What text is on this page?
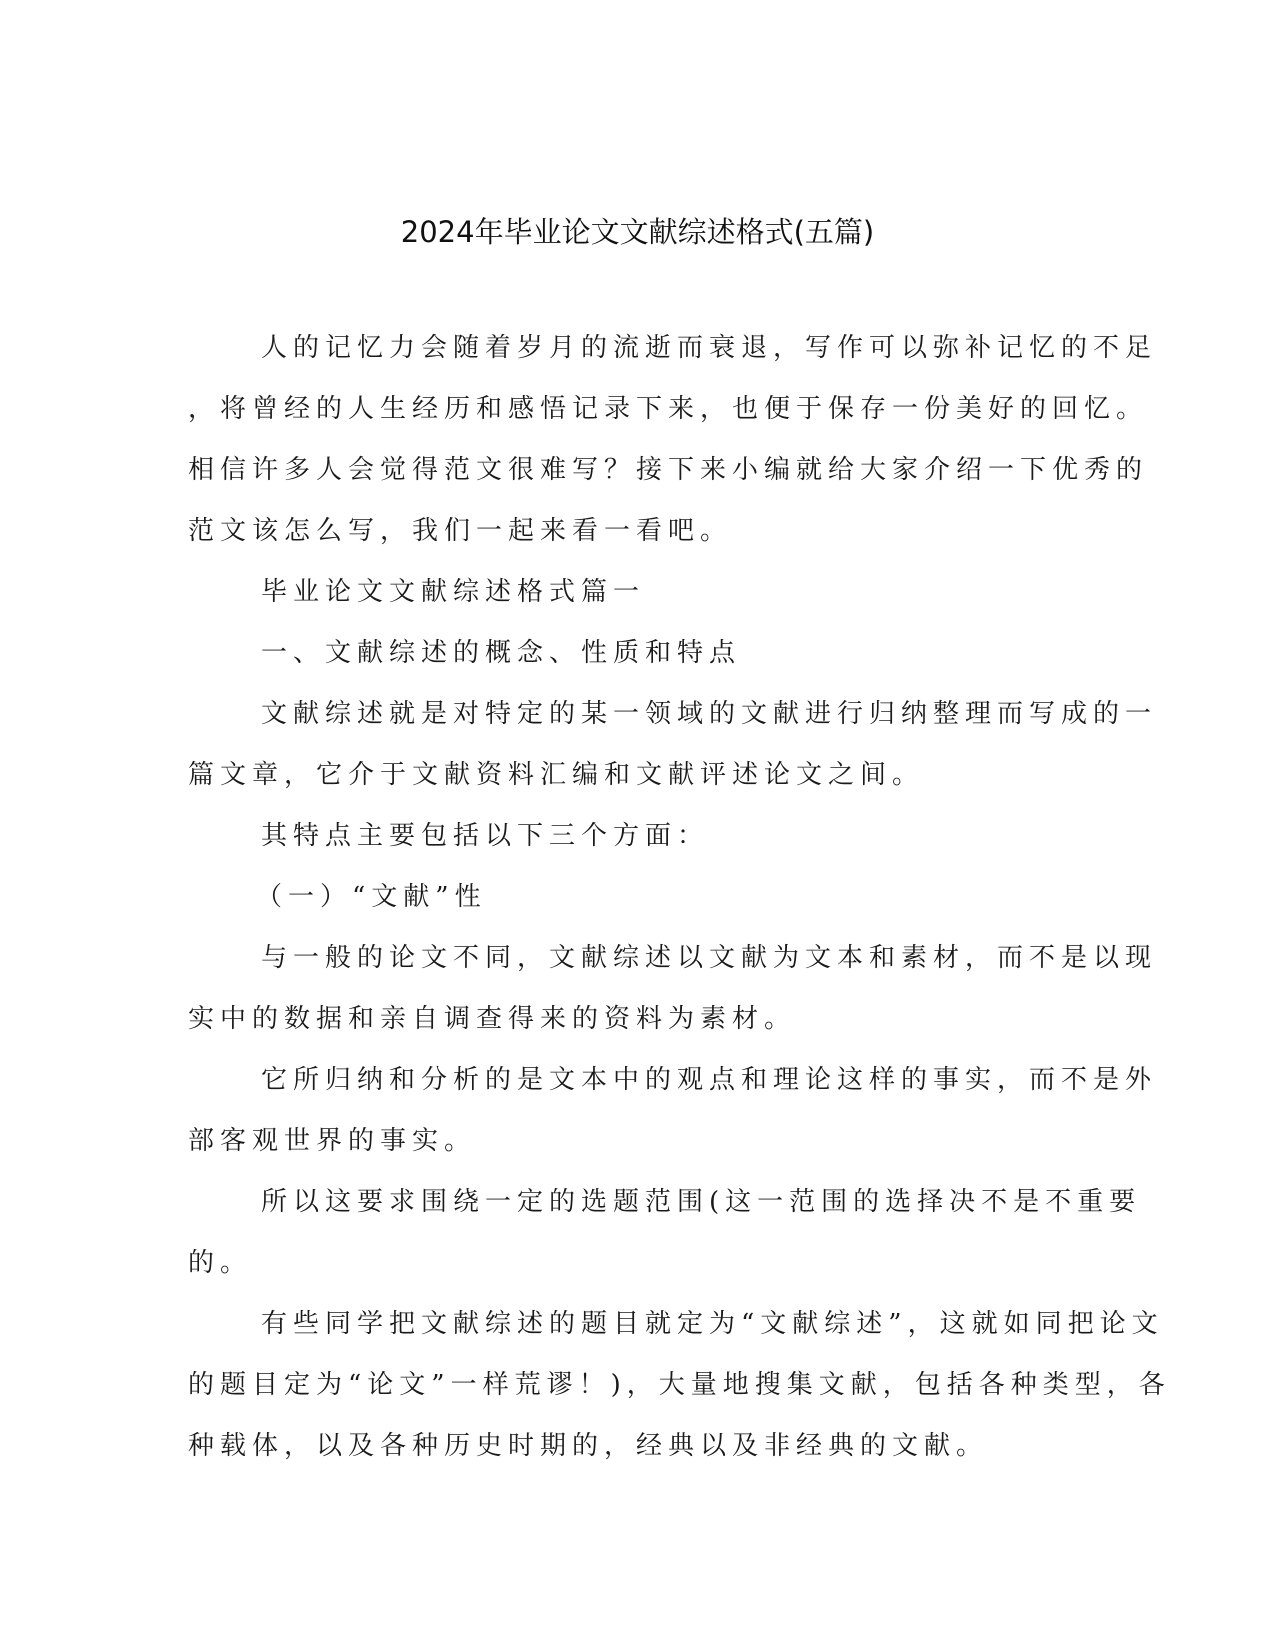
2024年毕业论文文献综述格式(五篇)
人的记忆力会随着岁月的流逝而衰退，写作可以弥补记忆的不足
，将曾经的人生经历和感悟记录下来，也便于保存一份美好的回忆。
相信许多人会觉得范文很难写？接下来小编就给大家介绍一下优秀的
范文该怎么写，我们一起来看一看吧。
毕业论文文献综述格式篇一
一、文献综述的概念、性质和特点
文献综述就是对特定的某一领域的文献进行归纳整理而写成的一
篇文章，它介于文献资料汇编和文献评述论文之间。
其特点主要包括以下三个方面：
（一）“文献”性
与一般的论文不同，文献综述以文献为文本和素材，而不是以现
实中的数据和亲自调查得来的资料为素材。
它所归纳和分析的是文本中的观点和理论这样的事实，而不是外
部客观世界的事实。
所以这要求围绕一定的选题范围(这一范围的选择决不是不重要
的。
有些同学把文献综述的题目就定为“文献综述”，这就如同把论文
的题目定为“论文”一样荒谬！)，大量地搜集文献，包括各种类型，各
种载体，以及各种历史时期的，经典以及非经典的文献。
